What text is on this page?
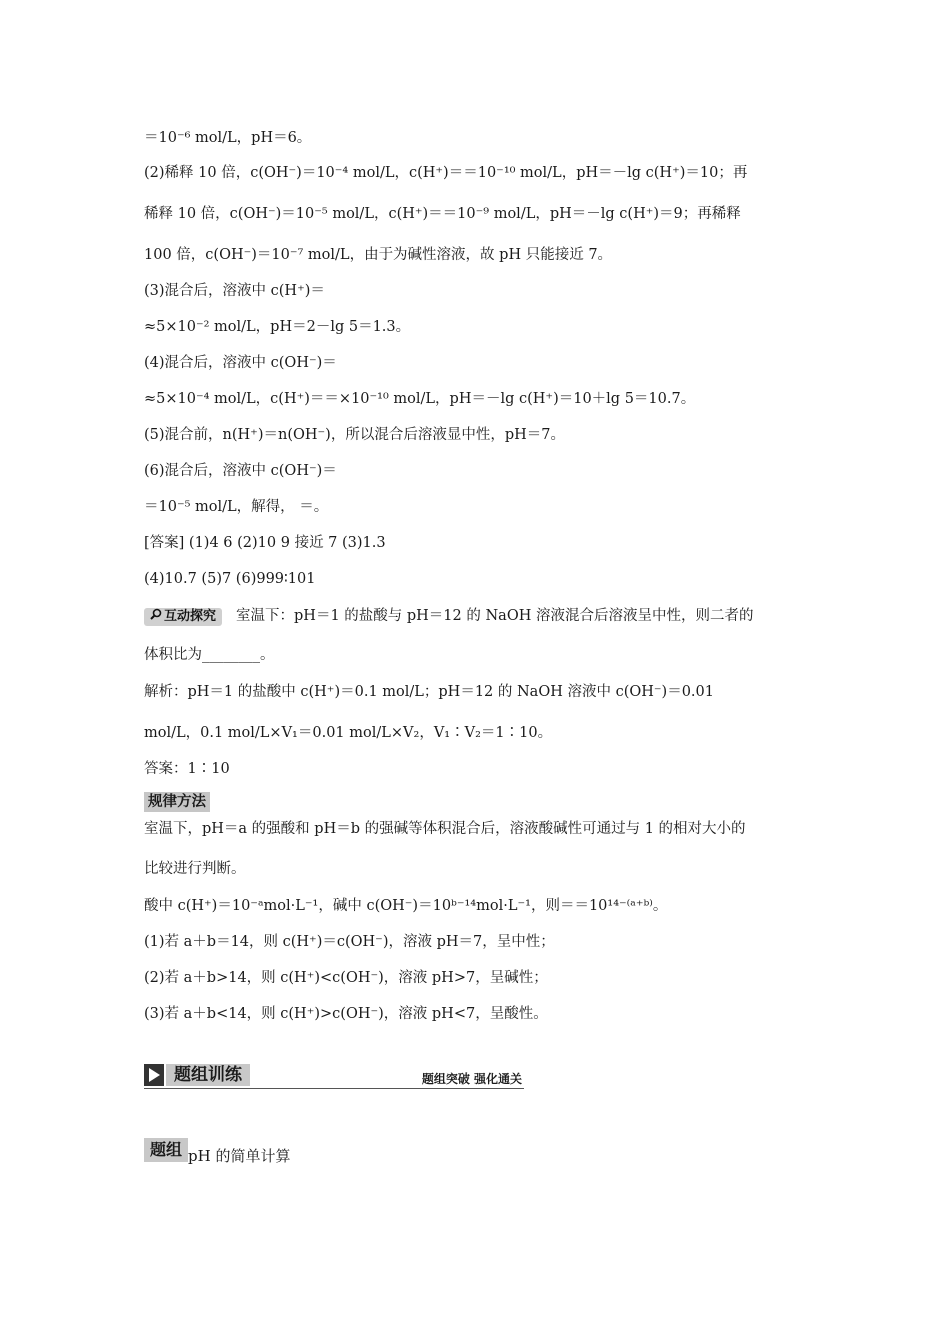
＝10⁻⁶ mol/L，pH＝6。
(2)稀释 10 倍，c(OH⁻)＝10⁻⁴ mol/L，c(H⁺)＝＝10⁻¹⁰ mol/L，pH＝－lg c(H⁺)＝10；再
稀释 10 倍，c(OH⁻)＝10⁻⁵ mol/L，c(H⁺)＝＝10⁻⁹ mol/L，pH＝－lg c(H⁺)＝9；再稀释
100 倍，c(OH⁻)＝10⁻⁷ mol/L，由于为碱性溶液，故 pH 只能接近 7。
(3)混合后，溶液中 c(H⁺)＝
≈5×10⁻² mol/L，pH＝2－lg 5＝1.3。
(4)混合后，溶液中 c(OH⁻)＝
≈5×10⁻⁴ mol/L，c(H⁺)＝＝×10⁻¹⁰ mol/L，pH＝－lg c(H⁺)＝10＋lg 5＝10.7。
(5)混合前，n(H⁺)＝n(OH⁻)，所以混合后溶液显中性，pH＝7。
(6)混合后，溶液中 c(OH⁻)＝
＝10⁻⁵ mol/L，解得， ＝。
[答案] (1)4 6 (2)10 9 接近 7 (3)1.3
(4)10.7 (5)7 (6)999∶101
互动探究 室温下：pH＝1 的盐酸与 pH＝12 的 NaOH 溶液混合后溶液呈中性，则二者的
体积比为________。
解析：pH＝1 的盐酸中 c(H⁺)＝0.1 mol/L；pH＝12 的 NaOH 溶液中 c(OH⁻)＝0.01
mol/L，0.1 mol/L×V₁＝0.01 mol/L×V₂，V₁∶V₂＝1∶10。
答案：1∶10
规律方法
室温下，pH＝a 的强酸和 pH＝b 的强碱等体积混合后，溶液酸碱性可通过与 1 的相对大小的
比较进行判断。
酸中 c(H⁺)＝10⁻ᵃmol·L⁻¹，碱中 c(OH⁻)＝10ᵇ⁻¹⁴mol·L⁻¹，则＝＝10¹⁴⁻⁽ᵃ⁺ᵇ⁾。
(1)若 a＋b＝14，则 c(H⁺)＝c(OH⁻)，溶液 pH＝7，呈中性；
(2)若 a＋b>14，则 c(H⁺)<c(OH⁻)，溶液 pH>7，呈碱性；
(3)若 a＋b<14，则 c(H⁺)>c(OH⁻)，溶液 pH<7，呈酸性。
题组训练	题组突破 强化通关
题组 pH 的简单计算
